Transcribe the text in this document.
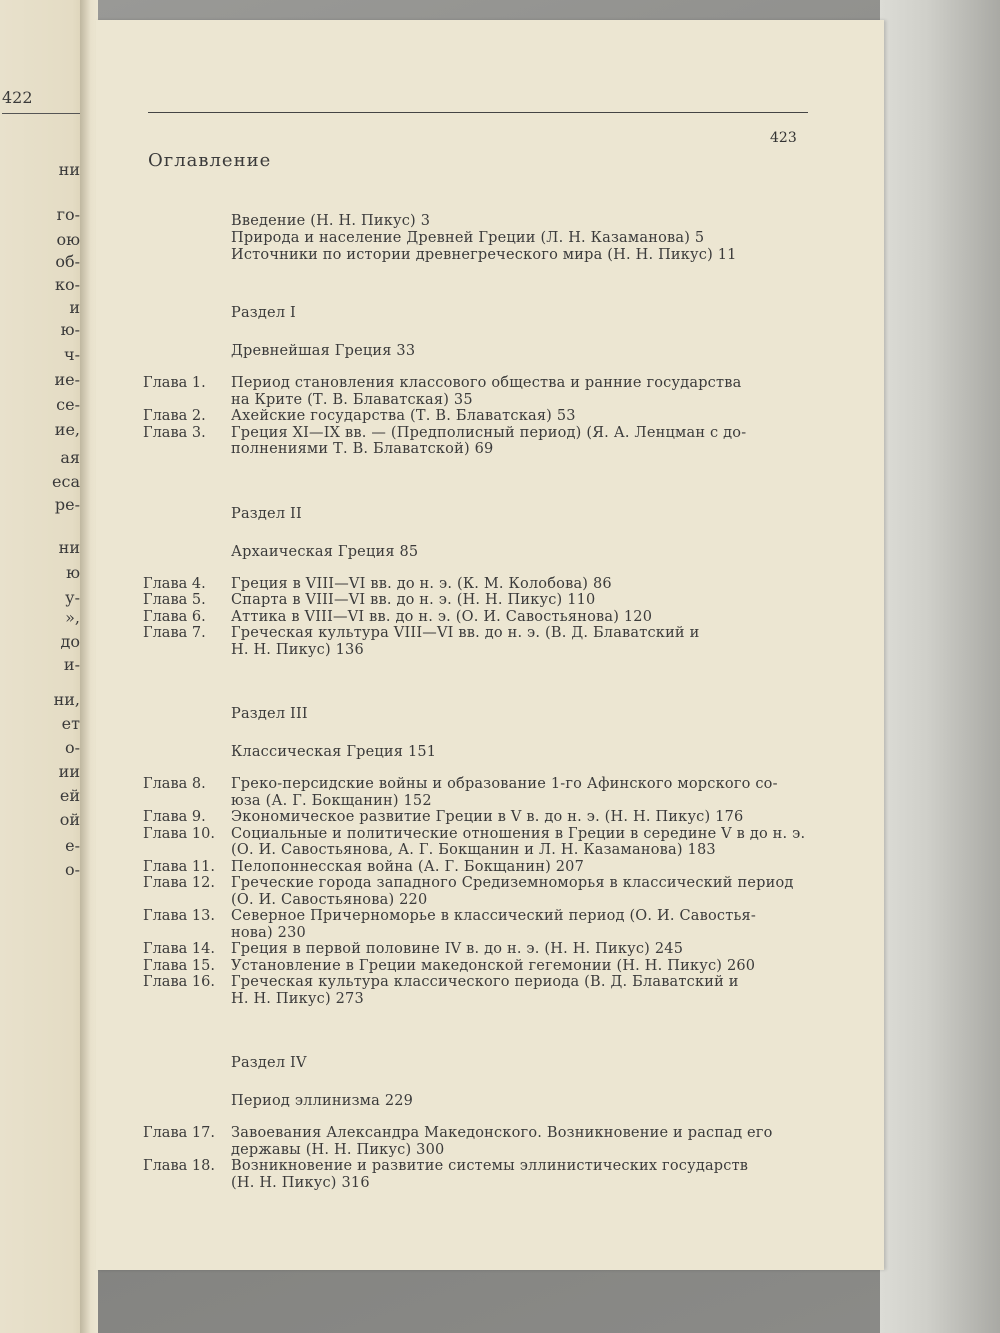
422
ни
го-
ою
об-
ко-
и
ю-
ч-
ие-
се-
ие,
ая
еса
ре-
ни
ю
у-
»,
до
и-
ни,
ет
о-
ии
ей
ой
е-
о-
423
Оглавление
Введение (Н. Н. Пикус) 3
Природа и население Древней Греции (Л. Н. Казаманова) 5
Источники по истории древнегреческого мира (Н. Н. Пикус) 11
Раздел I
Древнейшая Греция 33
Глава 1. Период становления классового общества и ранние государства
на Крите (Т. В. Блаватская) 35
Глава 2. Ахейские государства (Т. В. Блаватская) 53
Глава 3. Греция XI—IX вв. — (Предполисный период) (Я. А. Ленцман с до-
полнениями Т. В. Блаватской) 69
Раздел II
Архаическая Греция 85
Глава 4. Греция в VIII—VI вв. до н. э. (К. М. Колобова) 86
Глава 5. Спарта в VIII—VI вв. до н. э. (Н. Н. Пикус) 110
Глава 6. Аттика в VIII—VI вв. до н. э. (О. И. Савостьянова) 120
Глава 7. Греческая культура VIII—VI вв. до н. э. (В. Д. Блаватский и
Н. Н. Пикус) 136
Раздел III
Классическая Греция 151
Глава 8. Греко-персидские войны и образование 1-го Афинского морского со-
юза (А. Г. Бокщанин) 152
Глава 9. Экономическое развитие Греции в V в. до н. э. (Н. Н. Пикус) 176
Глава 10. Социальные и политические отношения в Греции в середине V в до н. э.
(О. И. Савостьянова, А. Г. Бокщанин и Л. Н. Казаманова) 183
Глава 11. Пелопоннесская война (А. Г. Бокщанин) 207
Глава 12. Греческие города западного Средиземноморья в классический период
(О. И. Савостьянова) 220
Глава 13. Северное Причерноморье в классический период (О. И. Савостья-
нова) 230
Глава 14. Греция в первой половине IV в. до н. э. (Н. Н. Пикус) 245
Глава 15. Установление в Греции македонской гегемонии (Н. Н. Пикус) 260
Глава 16. Греческая культура классического периода (В. Д. Блаватский и
Н. Н. Пикус) 273
Раздел IV
Период эллинизма 229
Глава 17. Завоевания Александра Македонского. Возникновение и распад его
державы (Н. Н. Пикус) 300
Глава 18. Возникновение и развитие системы эллинистических государств
(Н. Н. Пикус) 316
